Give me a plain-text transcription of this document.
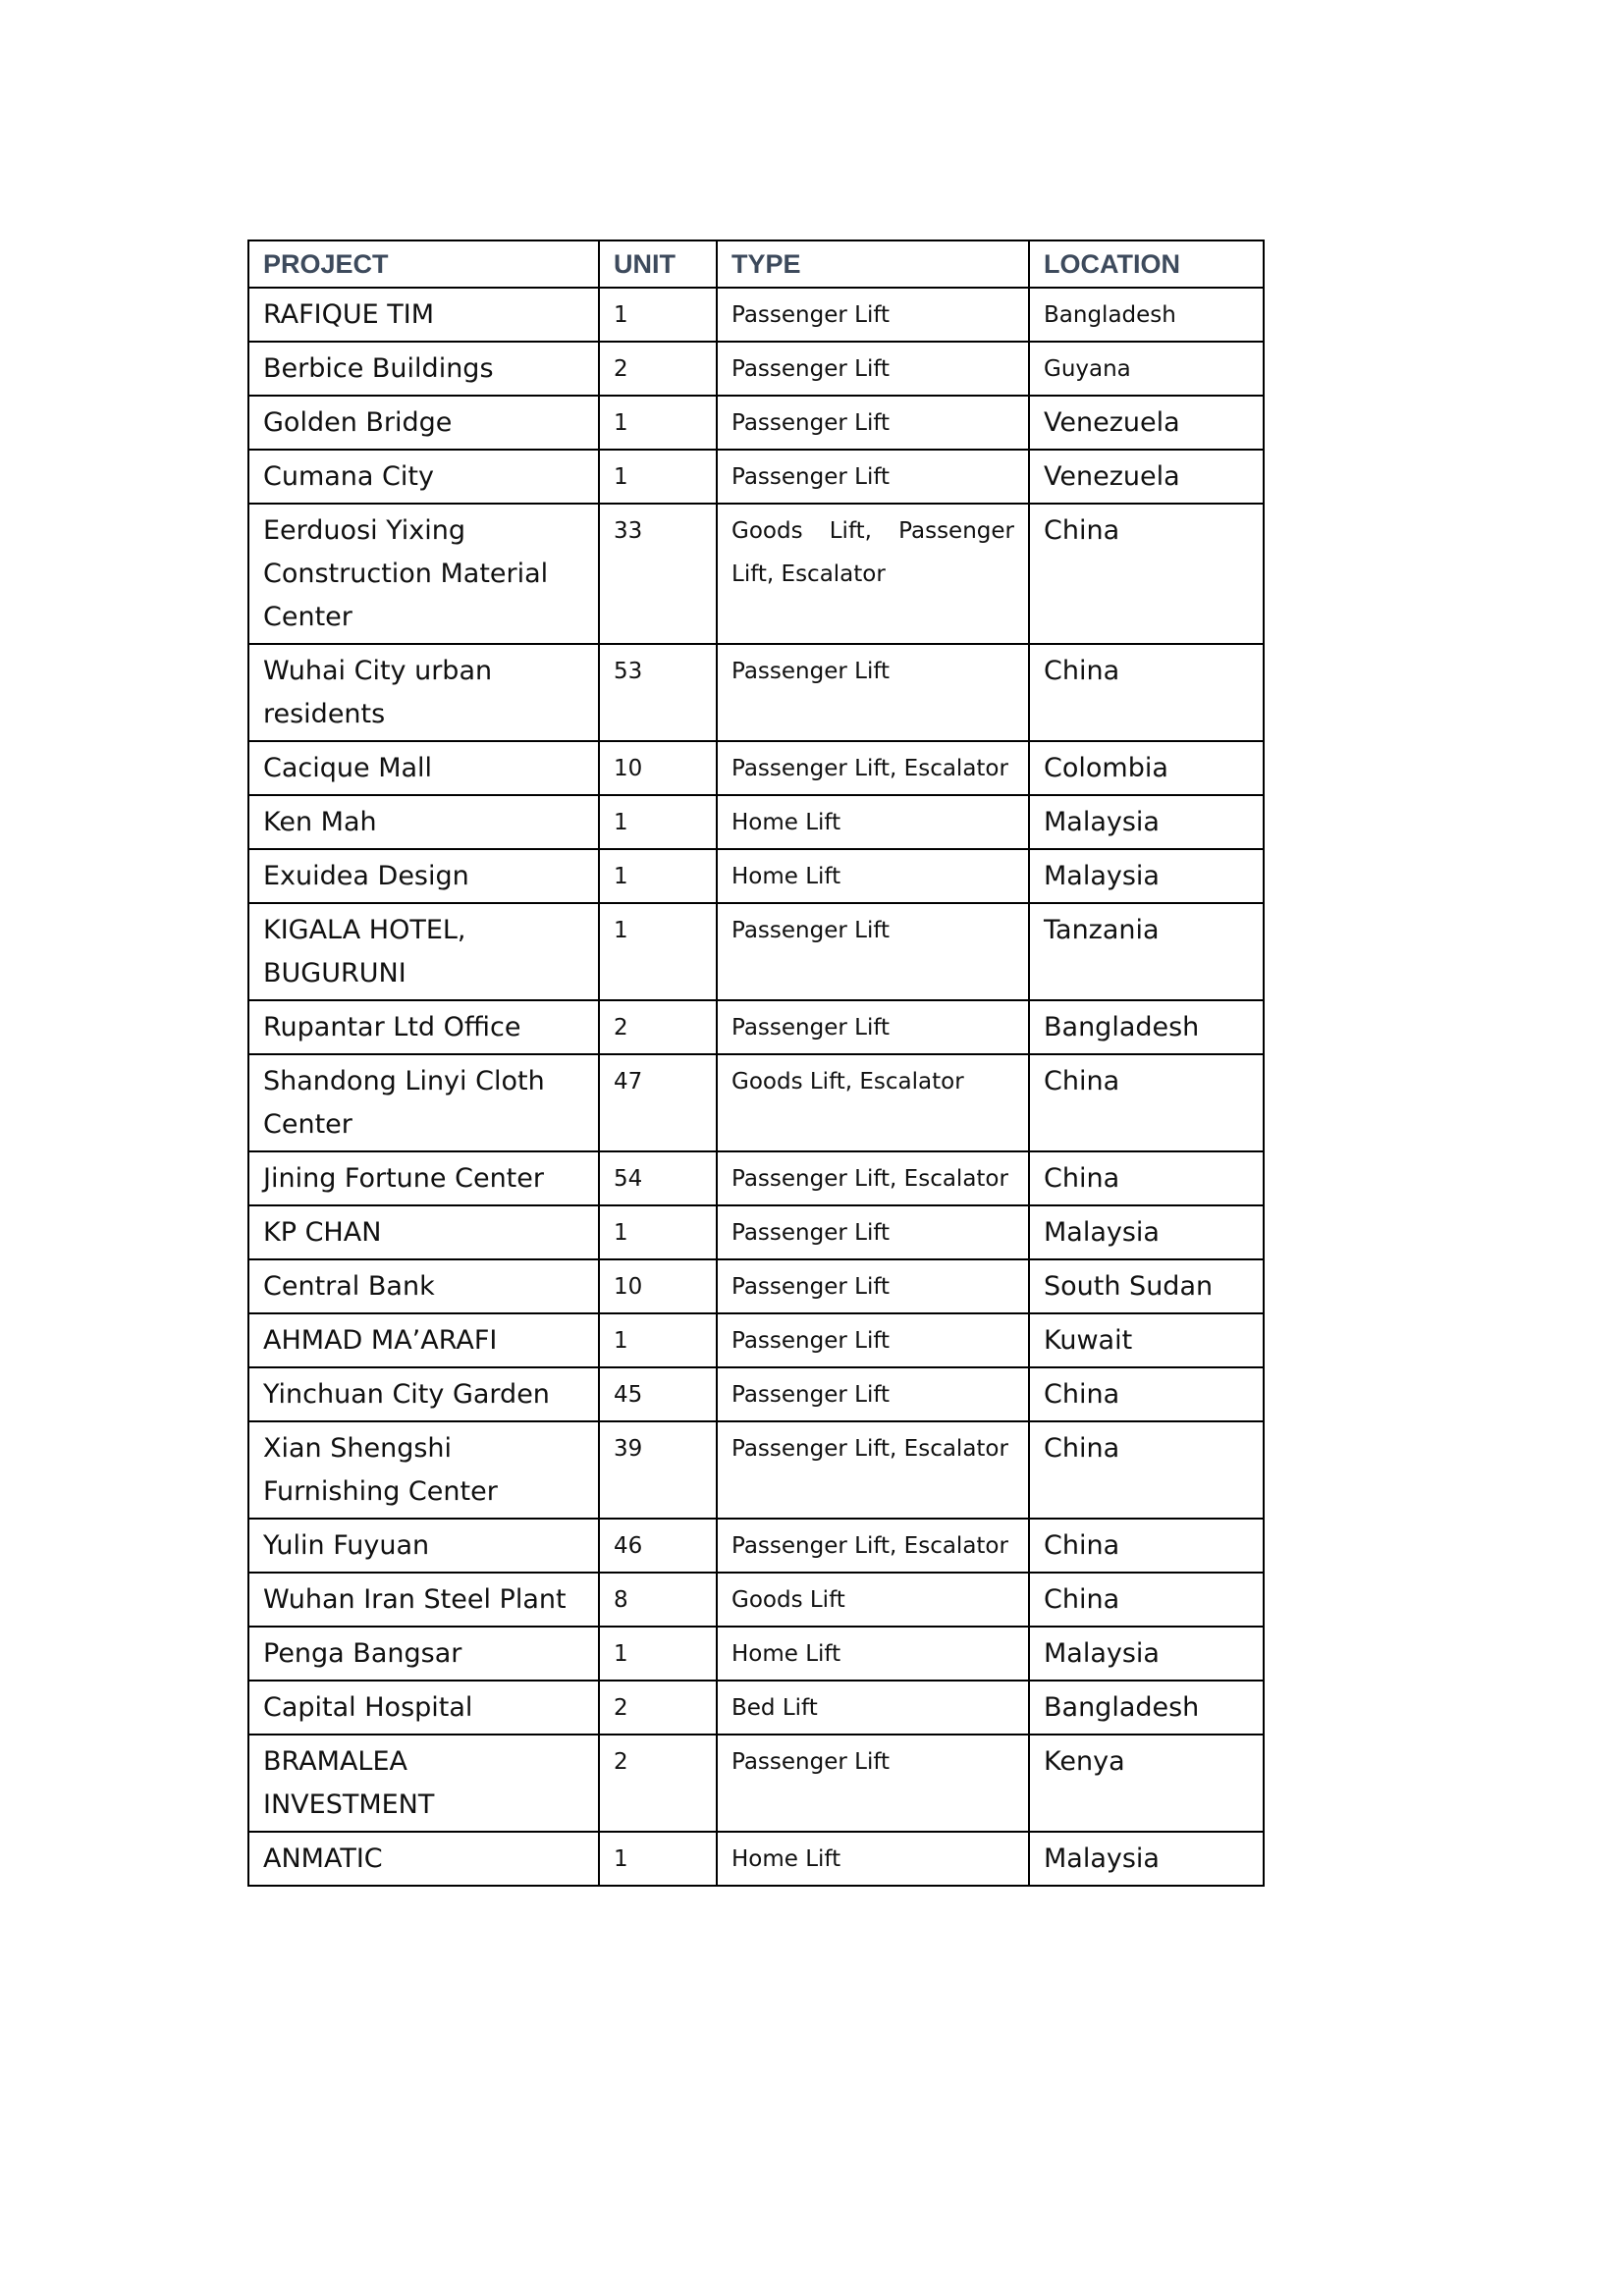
PROJECT	UNIT	TYPE	LOCATION
RAFIQUE TIM	1	Passenger Lift	Bangladesh
Berbice Buildings	2	Passenger Lift	Guyana
Golden Bridge	1	Passenger Lift	Venezuela
Cumana City	1	Passenger Lift	Venezuela
Eerduosi Yixing Construction Material Center	33	Goods Lift, Passenger Lift, Escalator	China
Wuhai City urban residents	53	Passenger Lift	China
Cacique Mall	10	Passenger Lift, Escalator	Colombia
Ken Mah	1	Home Lift	Malaysia
Exuidea Design	1	Home Lift	Malaysia
KIGALA HOTEL, BUGURUNI	1	Passenger Lift	Tanzania
Rupantar Ltd Office	2	Passenger Lift	Bangladesh
Shandong Linyi Cloth Center	47	Goods Lift, Escalator	China
Jining Fortune Center	54	Passenger Lift, Escalator	China
KP CHAN	1	Passenger Lift	Malaysia
Central Bank	10	Passenger Lift	South Sudan
AHMAD MA’ARAFI	1	Passenger Lift	Kuwait
Yinchuan City Garden	45	Passenger Lift	China
Xian Shengshi Furnishing Center	39	Passenger Lift, Escalator	China
Yulin Fuyuan	46	Passenger Lift, Escalator	China
Wuhan Iran Steel Plant	8	Goods Lift	China
Penga Bangsar	1	Home Lift	Malaysia
Capital Hospital	2	Bed Lift	Bangladesh
BRAMALEA INVESTMENT	2	Passenger Lift	Kenya
ANMATIC	1	Home Lift	Malaysia
